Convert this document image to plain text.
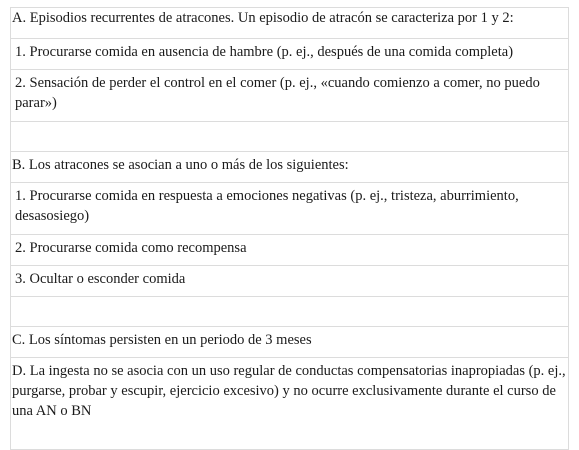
A. Episodios recurrentes de atracones. Un episodio de atracón se caracteriza por 1 y 2:
1. Procurarse comida en ausencia de hambre (p. ej., después de una comida completa)
2. Sensación de perder el control en el comer (p. ej., «cuando comienzo a comer, no puedo parar»)

B. Los atracones se asocian a uno o más de los siguientes:
1. Procurarse comida en respuesta a emociones negativas (p. ej., tristeza, aburrimiento, desasosiego)
2. Procurarse comida como recompensa
3. Ocultar o esconder comida

C. Los síntomas persisten en un periodo de 3 meses
D. La ingesta no se asocia con un uso regular de conductas compensatorias inapropiadas (p. ej., purgarse, probar y escupir, ejercicio excesivo) y no ocurre exclusivamente durante el curso de una AN o BN
